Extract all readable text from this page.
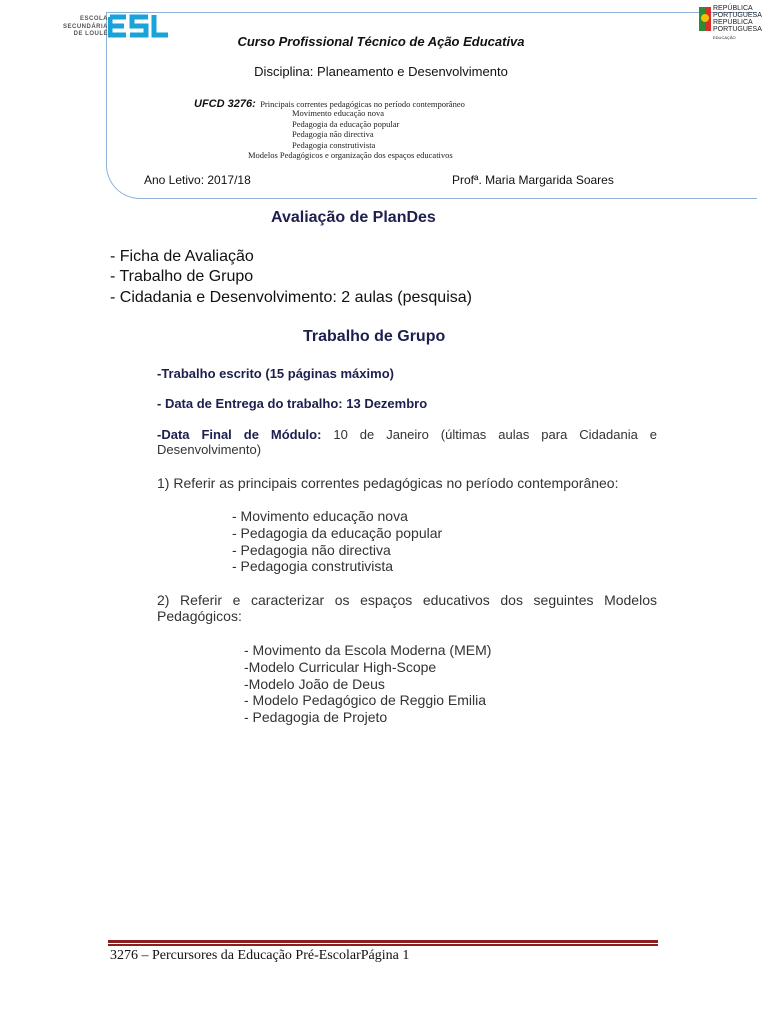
ESCOLA
SECUNDÁRIA
DE LOULÉ
REPÚBLICA
PORTUGUESA
REPÚBLICA
PORTUGUESA
EDUCAÇÃO
Curso Profissional Técnico de Ação Educativa
Disciplina: Planeamento e Desenvolvimento
UFCD 3276: Principais correntes pedagógicas no período contemporâneo
Movimento educação nova
Pedagogia da educação popular
Pedagogia não directiva
Pedagogia construtivista
Modelos Pedagógicos e organização dos espaços educativos
Ano Letivo: 2017/18	Profª. Maria Margarida Soares
Avaliação de PlanDes
- Ficha de Avaliação
- Trabalho de Grupo
- Cidadania e Desenvolvimento: 2 aulas (pesquisa)
Trabalho de Grupo
-Trabalho escrito (15 páginas máximo)
- Data de Entrega do trabalho: 13 Dezembro
-Data Final de Módulo: 10 de Janeiro (últimas aulas para Cidadania e Desenvolvimento)
1) Referir as principais correntes pedagógicas no período contemporâneo:
- Movimento educação nova
- Pedagogia da educação popular
- Pedagogia não directiva
- Pedagogia construtivista
2) Referir e caracterizar os espaços educativos dos seguintes Modelos Pedagógicos:
- Movimento da Escola Moderna (MEM)
-Modelo Curricular High-Scope
-Modelo João de Deus
- Modelo Pedagógico de Reggio Emilia
- Pedagogia de Projeto
3276 – Percursores da Educação Pré-EscolarPágina 1
